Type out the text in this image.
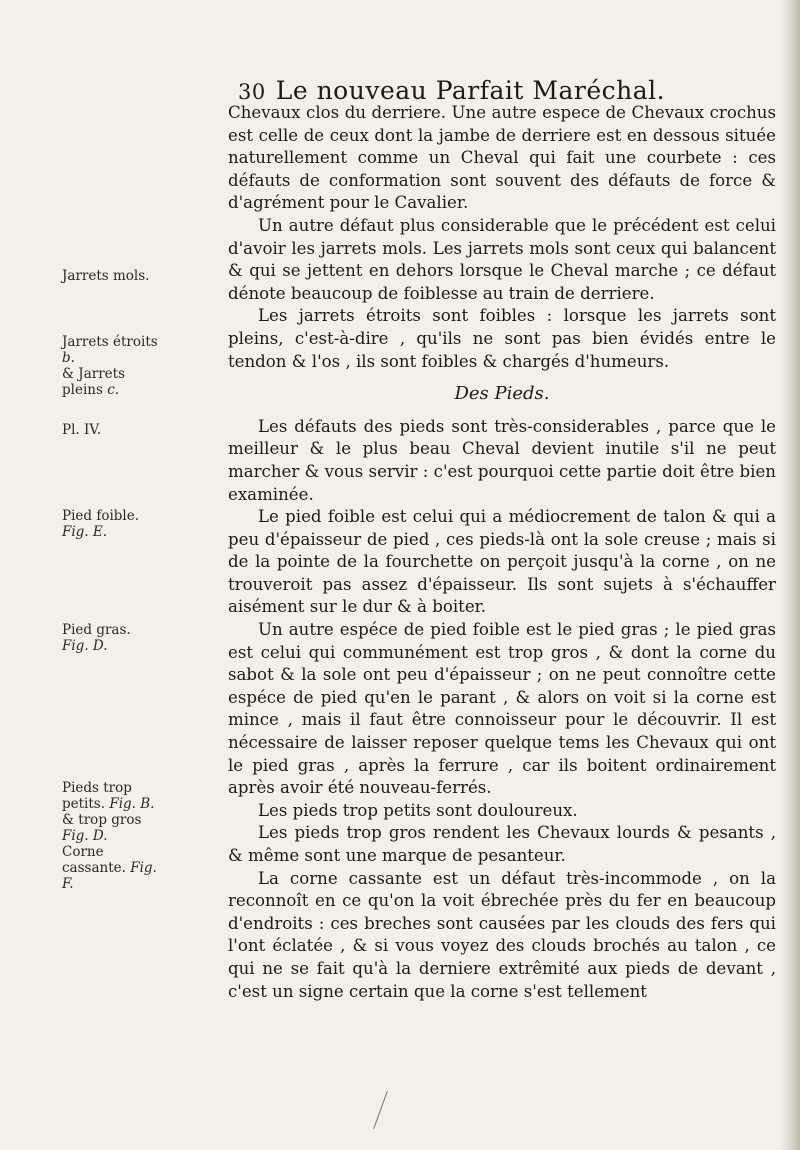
30 Le nouveau Parfait Maréchal.
Jarrets mols.
Jarrets étroits b.
& Jarrets pleins c.
Pl. IV.
Pied foible.
Fig. E.
Pied gras.
Fig. D.
Pieds trop petits. Fig. B.
& trop gros
Fig. D.
Corne cassante. Fig. F.

Chevaux clos du derriere. Une autre espece de Chevaux crochus est celle de ceux dont la jambe de derriere est en dessous située naturellement comme un Cheval qui fait une courbete : ces défauts de conformation sont souvent des défauts de force & d'agrément pour le Cavalier.

Un autre défaut plus considerable que le précédent est celui d'avoir les jarrets mols. Les jarrets mols sont ceux qui balancent & qui se jettent en dehors lorsque le Cheval marche ; ce défaut dénote beaucoup de foiblesse au train de derriere.

Les jarrets étroits sont foibles : lorsque les jarrets sont pleins, c'est-à-dire , qu'ils ne sont pas bien évidés entre le tendon & l'os , ils sont foibles & chargés d'humeurs.

Des Pieds.

Les défauts des pieds sont très-considerables , parce que le meilleur & le plus beau Cheval devient inutile s'il ne peut marcher & vous servir : c'est pourquoi cette partie doit être bien examinée.

Le pied foible est celui qui a médiocrement de talon & qui a peu d'épaisseur de pied , ces pieds-là ont la sole creuse ; mais si de la pointe de la fourchette on perçoit jusqu'à la corne , on ne trouveroit pas assez d'épaisseur. Ils sont sujets à s'échauffer aisément sur le dur & à boiter.

Un autre espéce de pied foible est le pied gras ; le pied gras est celui qui communément est trop gros , & dont la corne du sabot & la sole ont peu d'épaisseur ; on ne peut connoître cette espéce de pied qu'en le parant , & alors on voit si la corne est mince , mais il faut être connoisseur pour le découvrir. Il est nécessaire de laisser reposer quelque tems les Chevaux qui ont le pied gras , après la ferrure , car ils boitent ordinairement après avoir été nouveau-ferrés.

Les pieds trop petits sont douloureux.

Les pieds trop gros rendent les Chevaux lourds & pesants , & même sont une marque de pesanteur.

La corne cassante est un défaut très-incommode , on la reconnoît en ce qu'on la voit ébrechée près du fer en beaucoup d'endroits : ces breches sont causées par les clouds des fers qui l'ont éclatée , & si vous voyez des clouds brochés au talon , ce qui ne se fait qu'à la derniere extrêmité aux pieds de devant , c'est un signe certain que la corne s'est tellement
